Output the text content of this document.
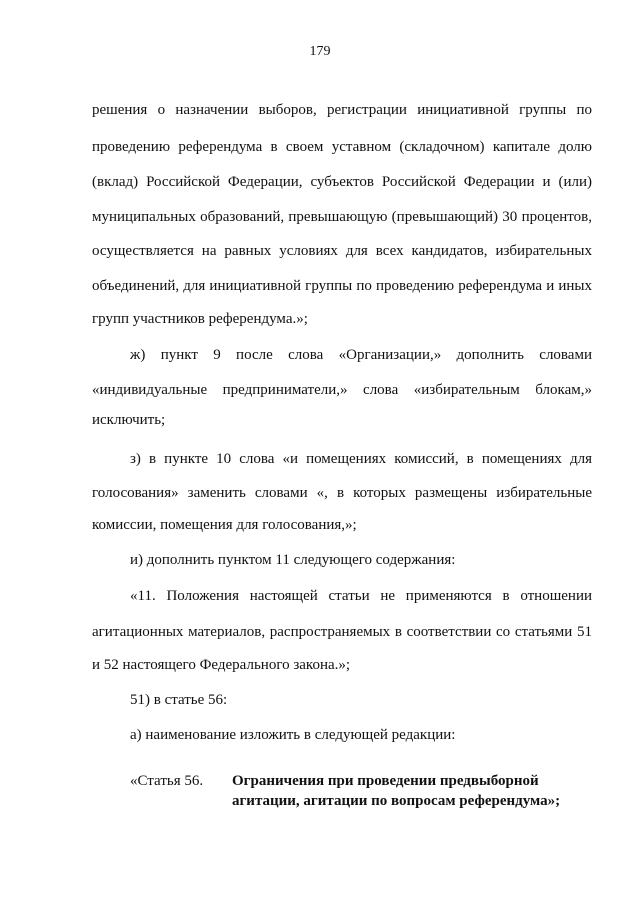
179
решения о назначении выборов, регистрации инициативной группы по
проведению референдума в своем уставном (складочном) капитале долю
(вклад) Российской Федерации, субъектов Российской Федерации и (или)
муниципальных образований, превышающую (превышающий) 30 процентов,
осуществляется на равных условиях для всех кандидатов, избирательных
объединений, для инициативной группы по проведению референдума и иных
групп участников референдума.»;
ж) пункт 9 после слова «Организации,» дополнить словами
«индивидуальные предприниматели,» слова «избирательным блокам,»
исключить;
з) в пункте 10 слова «и помещениях комиссий, в помещениях для
голосования» заменить словами «, в которых размещены избирательные
комиссии, помещения для голосования,»;
и) дополнить пунктом 11 следующего содержания:
«11. Положения настоящей статьи не применяются в отношении
агитационных материалов, распространяемых в соответствии со статьями 51
и 52 настоящего Федерального закона.»;
51) в статье 56:
а) наименование изложить в следующей редакции:
«Статья 56. Ограничения при проведении предвыборной
агитации, агитации по вопросам референдума»;
